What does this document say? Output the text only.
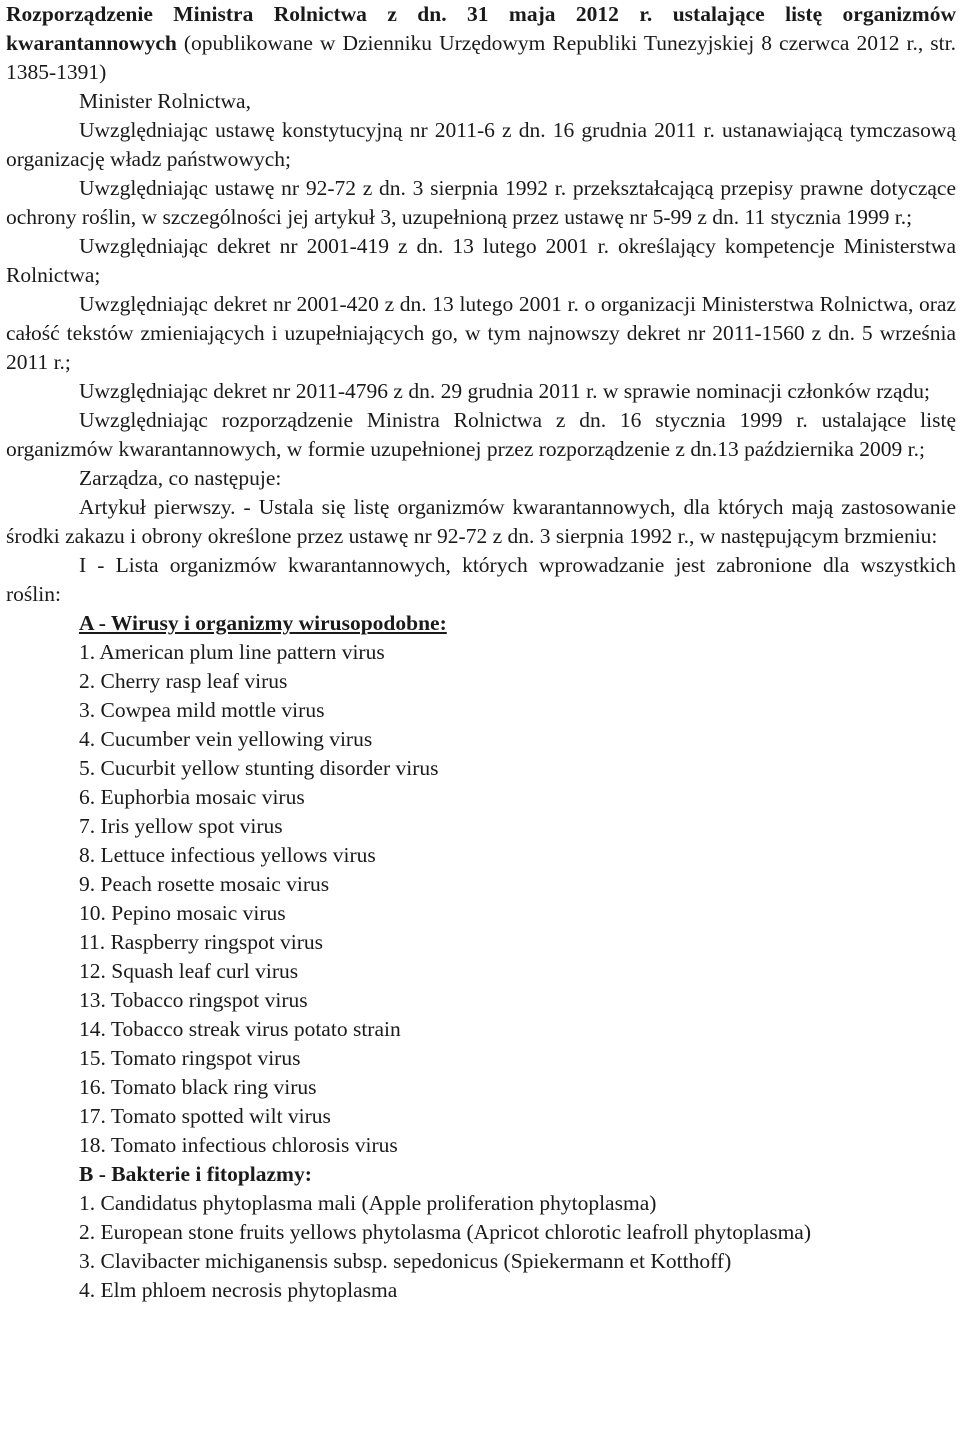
Rozporządzenie Ministra Rolnictwa z dn. 31 maja 2012 r. ustalające listę organizmów kwarantannowych (opublikowane w Dzienniku Urzędowym Republiki Tunezyjskiej 8 czerwca 2012 r., str. 1385-1391)

Minister Rolnictwa,

Uwzględniając ustawę konstytucyjną nr 2011-6 z dn. 16 grudnia 2011 r. ustanawiającą tymczasową organizację władz państwowych;

Uwzględniając ustawę nr 92-72 z dn. 3 sierpnia 1992 r. przekształcającą przepisy prawne dotyczące ochrony roślin, w szczególności jej artykuł 3, uzupełnioną przez ustawę nr 5-99 z dn. 11 stycznia 1999 r.;

Uwzględniając dekret nr 2001-419 z dn. 13 lutego 2001 r. określający kompetencje Ministerstwa Rolnictwa;

Uwzględniając dekret nr 2001-420 z dn. 13 lutego 2001 r. o organizacji Ministerstwa Rolnictwa, oraz całość tekstów zmieniających i uzupełniających go, w tym najnowszy dekret nr 2011-1560 z dn. 5 września 2011 r.;

Uwzględniając dekret nr 2011-4796 z dn. 29 grudnia 2011 r. w sprawie nominacji członków rządu;

Uwzględniając rozporządzenie Ministra Rolnictwa z dn. 16 stycznia 1999 r. ustalające listę organizmów kwarantannowych, w formie uzupełnionej przez rozporządzenie z dn.13 października 2009 r.;

Zarządza, co następuje:

Artykuł pierwszy. - Ustala się listę organizmów kwarantannowych, dla których mają zastosowanie środki zakazu i obrony określone przez ustawę nr 92-72 z dn. 3 sierpnia 1992 r., w następującym brzmieniu:

I - Lista organizmów kwarantannowych, których wprowadzanie jest zabronione dla wszystkich roślin:

A - Wirusy i organizmy wirusopodobne:

1. American plum line pattern virus
2. Cherry rasp leaf virus
3. Cowpea mild mottle virus
4. Cucumber vein yellowing virus
5. Cucurbit yellow stunting disorder virus
6. Euphorbia mosaic virus
7. Iris yellow spot virus
8. Lettuce infectious yellows virus
9. Peach rosette mosaic virus
10. Pepino mosaic virus
11. Raspberry ringspot virus
12. Squash leaf curl virus
13. Tobacco ringspot virus
14. Tobacco streak virus potato strain
15. Tomato ringspot virus
16. Tomato black ring virus
17. Tomato spotted wilt virus
18. Tomato infectious chlorosis virus

B - Bakterie i fitoplazmy:

1. Candidatus phytoplasma mali (Apple proliferation phytoplasma)
2. European stone fruits yellows phytolasma (Apricot chlorotic leafroll phytoplasma)
3. Clavibacter michiganensis subsp. sepedonicus (Spiekermann et Kotthoff)
4. Elm phloem necrosis phytoplasma
